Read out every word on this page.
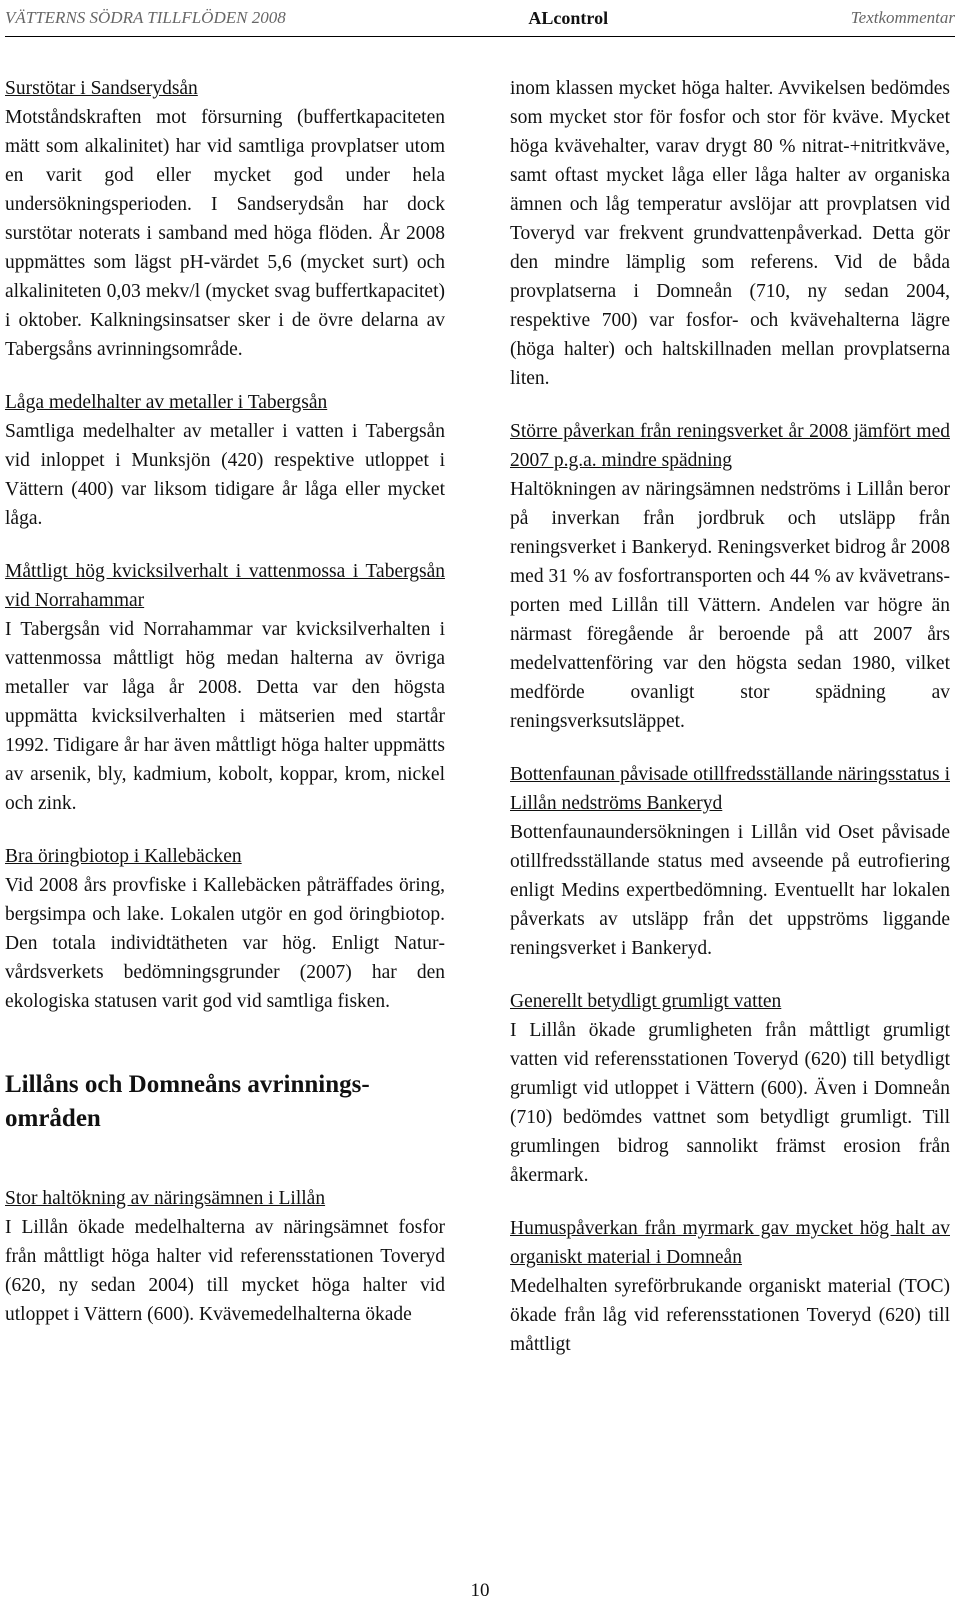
VÄTTERNS SÖDRA TILLFLÖDEN 2008	ALcontrol	Textkommentar
Surstötar i Sandserydsån
Motståndskraften mot försurning (buffertkapaciteten mätt som alkalinitet) har vid samtliga provplatser utom en varit god eller mycket god under hela undersökningsperioden. I Sandserydsån har dock surstötar noterats i samband med höga flöden. År 2008 uppmättes som lägst pH-värdet 5,6 (mycket surt) och alkaliniteten 0,03 mekv/l (mycket svag buffertkapacitet) i oktober. Kalkningsinsatser sker i de övre delarna av Tabergsåns avrinningsområde.
Låga medelhalter av metaller i Tabergsån
Samtliga medelhalter av metaller i vatten i Tabergsån vid inloppet i Munksjön (420) respektive utloppet i Vättern (400) var liksom tidigare år låga eller mycket låga.
Måttligt hög kvicksilverhalt i vattenmossa i Tabergsån vid Norrahammar
I Tabergsån vid Norrahammar var kvicksilverhalten i vattenmossa måttligt hög medan halterna av övriga metaller var låga år 2008. Detta var den högsta uppmätta kvicksilverhalten i mätserien med startår 1992. Tidigare år har även måttligt höga halter uppmätts av arsenik, bly, kadmium, kobolt, koppar, krom, nickel och zink.
Bra öringbiotop i Kallebäcken
Vid 2008 års provfiske i Kallebäcken påträffades öring, bergsimpa och lake. Lokalen utgör en god öringbiotop. Den totala individtätheten var hög. Enligt Naturvårdsverkets bedömningsgrunder (2007) har den ekologiska statusen varit god vid samtliga fisken.
Lillåns och Domneåns avrinningsområden
Stor haltökning av näringsämnen i Lillån
I Lillån ökade medelhalterna av näringsämnet fosfor från måttligt höga halter vid referensstationen Toveryd (620, ny sedan 2004) till mycket höga halter vid utloppet i Vättern (600). Kvävemedelhalterna ökade
inom klassen mycket höga halter. Avvikelsen bedömdes som mycket stor för fosfor och stor för kväve. Mycket höga kvävehalter, varav drygt 80 % nitrat-+nitritkväve, samt oftast mycket låga eller låga halter av organiska ämnen och låg temperatur avslöjar att provplatsen vid Toveryd var frekvent grundvattenpåverkad. Detta gör den mindre lämplig som referens. Vid de båda provplatserna i Domneån (710, ny sedan 2004, respektive 700) var fosfor- och kvävehalterna lägre (höga halter) och haltskillnaden mellan provplatserna liten.
Större påverkan från reningsverket år 2008 jämfört med 2007 p.g.a. mindre spädning
Haltökningen av näringsämnen nedströms i Lillån beror på inverkan från jordbruk och utsläpp från reningsverket i Bankeryd. Reningsverket bidrog år 2008 med 31 % av fosfortransporten och 44 % av kvävetransporten med Lillån till Vättern. Andelen var högre än närmast föregående år beroende på att 2007 års medelvattenföring var den högsta sedan 1980, vilket medförde ovanligt stor spädning av reningsverksutsläppet.
Bottenfaunan påvisade otillfredsställande näringsstatus i Lillån nedströms Bankeryd
Bottenfaunaundersökningen i Lillån vid Oset påvisade otillfredsställande status med avseende på eutrofiering enligt Medins expertbedömning. Eventuellt har lokalen påverkats av utsläpp från det uppströms liggande reningsverket i Bankeryd.
Generellt betydligt grumligt vatten
I Lillån ökade grumligheten från måttligt grumligt vatten vid referensstationen Toveryd (620) till betydligt grumligt vid utloppet i Vättern (600). Även i Domneån (710) bedömdes vattnet som betydligt grumligt. Till grumlingen bidrog sannolikt främst erosion från åkermark.
Humuspåverkan från myrmark gav mycket hög halt av organiskt material i Domneån
Medelhalten syreförbrukande organiskt material (TOC) ökade från låg vid referensstationen Toveryd (620) till måttligt
10
